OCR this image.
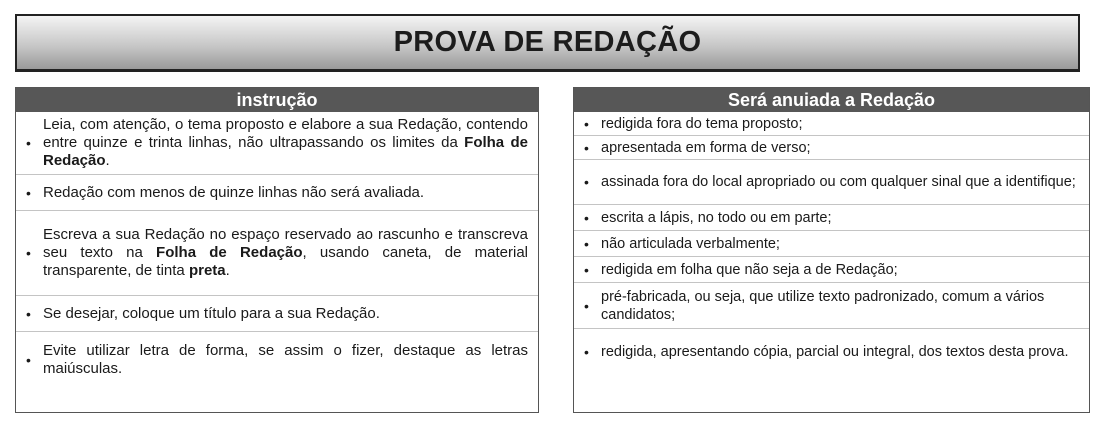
PROVA DE REDAÇÃO
instrução
•
Leia, com atenção, o tema proposto e elabore a sua Redação, contendo entre quinze e trinta linhas, não ultrapassando os limites da Folha de Redação.
• Redação com menos de quinze linhas não será avaliada.
•
Escreva a sua Redação no espaço reservado ao rascunho e transcreva seu texto na Folha de Redação, usando caneta, de material transparente, de tinta preta.
• Se desejar, coloque um título para a sua Redação.
•
Evite utilizar letra de forma, se assim o fizer, destaque as letras maiúsculas.
Será anuiada a Redação
• redigida fora do tema proposto;
• apresentada em forma de verso;
• assinada fora do local apropriado ou com qualquer sinal que a identifique;
• escrita a lápis, no todo ou em parte;
• não articulada verbalmente;
• redigida em folha que não seja a de Redação;
•
pré-fabricada, ou seja, que utilize texto padronizado, comum a vários candidatos;
• redigida, apresentando cópia, parcial ou integral, dos textos desta prova.
